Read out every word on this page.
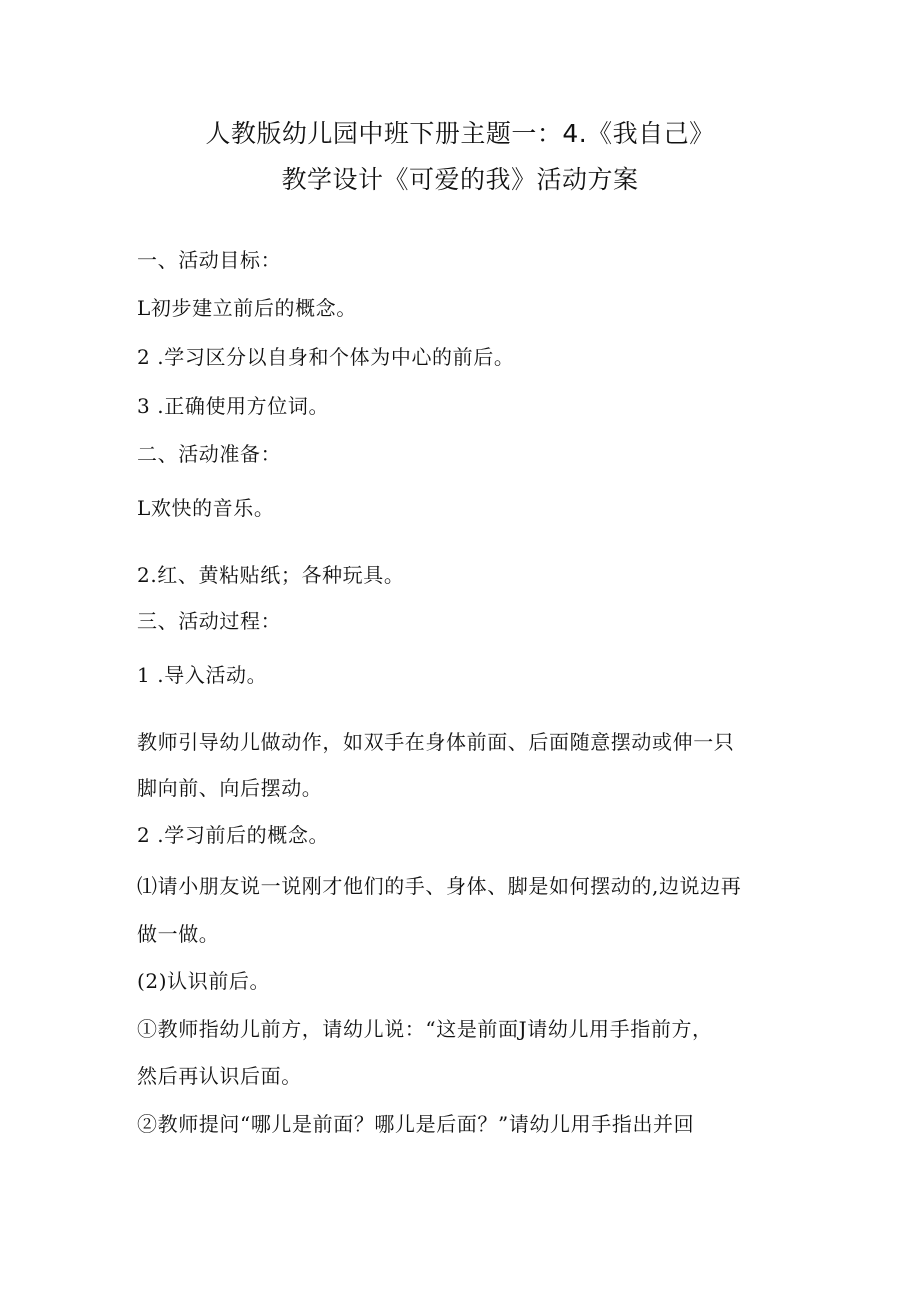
人教版幼儿园中班下册主题一：4.《我自己》
教学设计《可爱的我》活动方案
一、活动目标：
L初步建立前后的概念。
2 .学习区分以自身和个体为中心的前后。
3 .正确使用方位词。
二、活动准备：
L欢快的音乐。
2.红、黄粘贴纸；各种玩具。
三、活动过程：
1 .导入活动。
教师引导幼儿做动作，如双手在身体前面、后面随意摆动或伸一只
脚向前、向后摆动。
2 .学习前后的概念。
⑴请小朋友说一说刚才他们的手、身体、脚是如何摆动的,边说边再
做一做。
(2)认识前后。
①教师指幼儿前方，请幼儿说：“这是前面J请幼儿用手指前方，
然后再认识后面。
②教师提问“哪儿是前面？哪儿是后面？”请幼儿用手指出并回
